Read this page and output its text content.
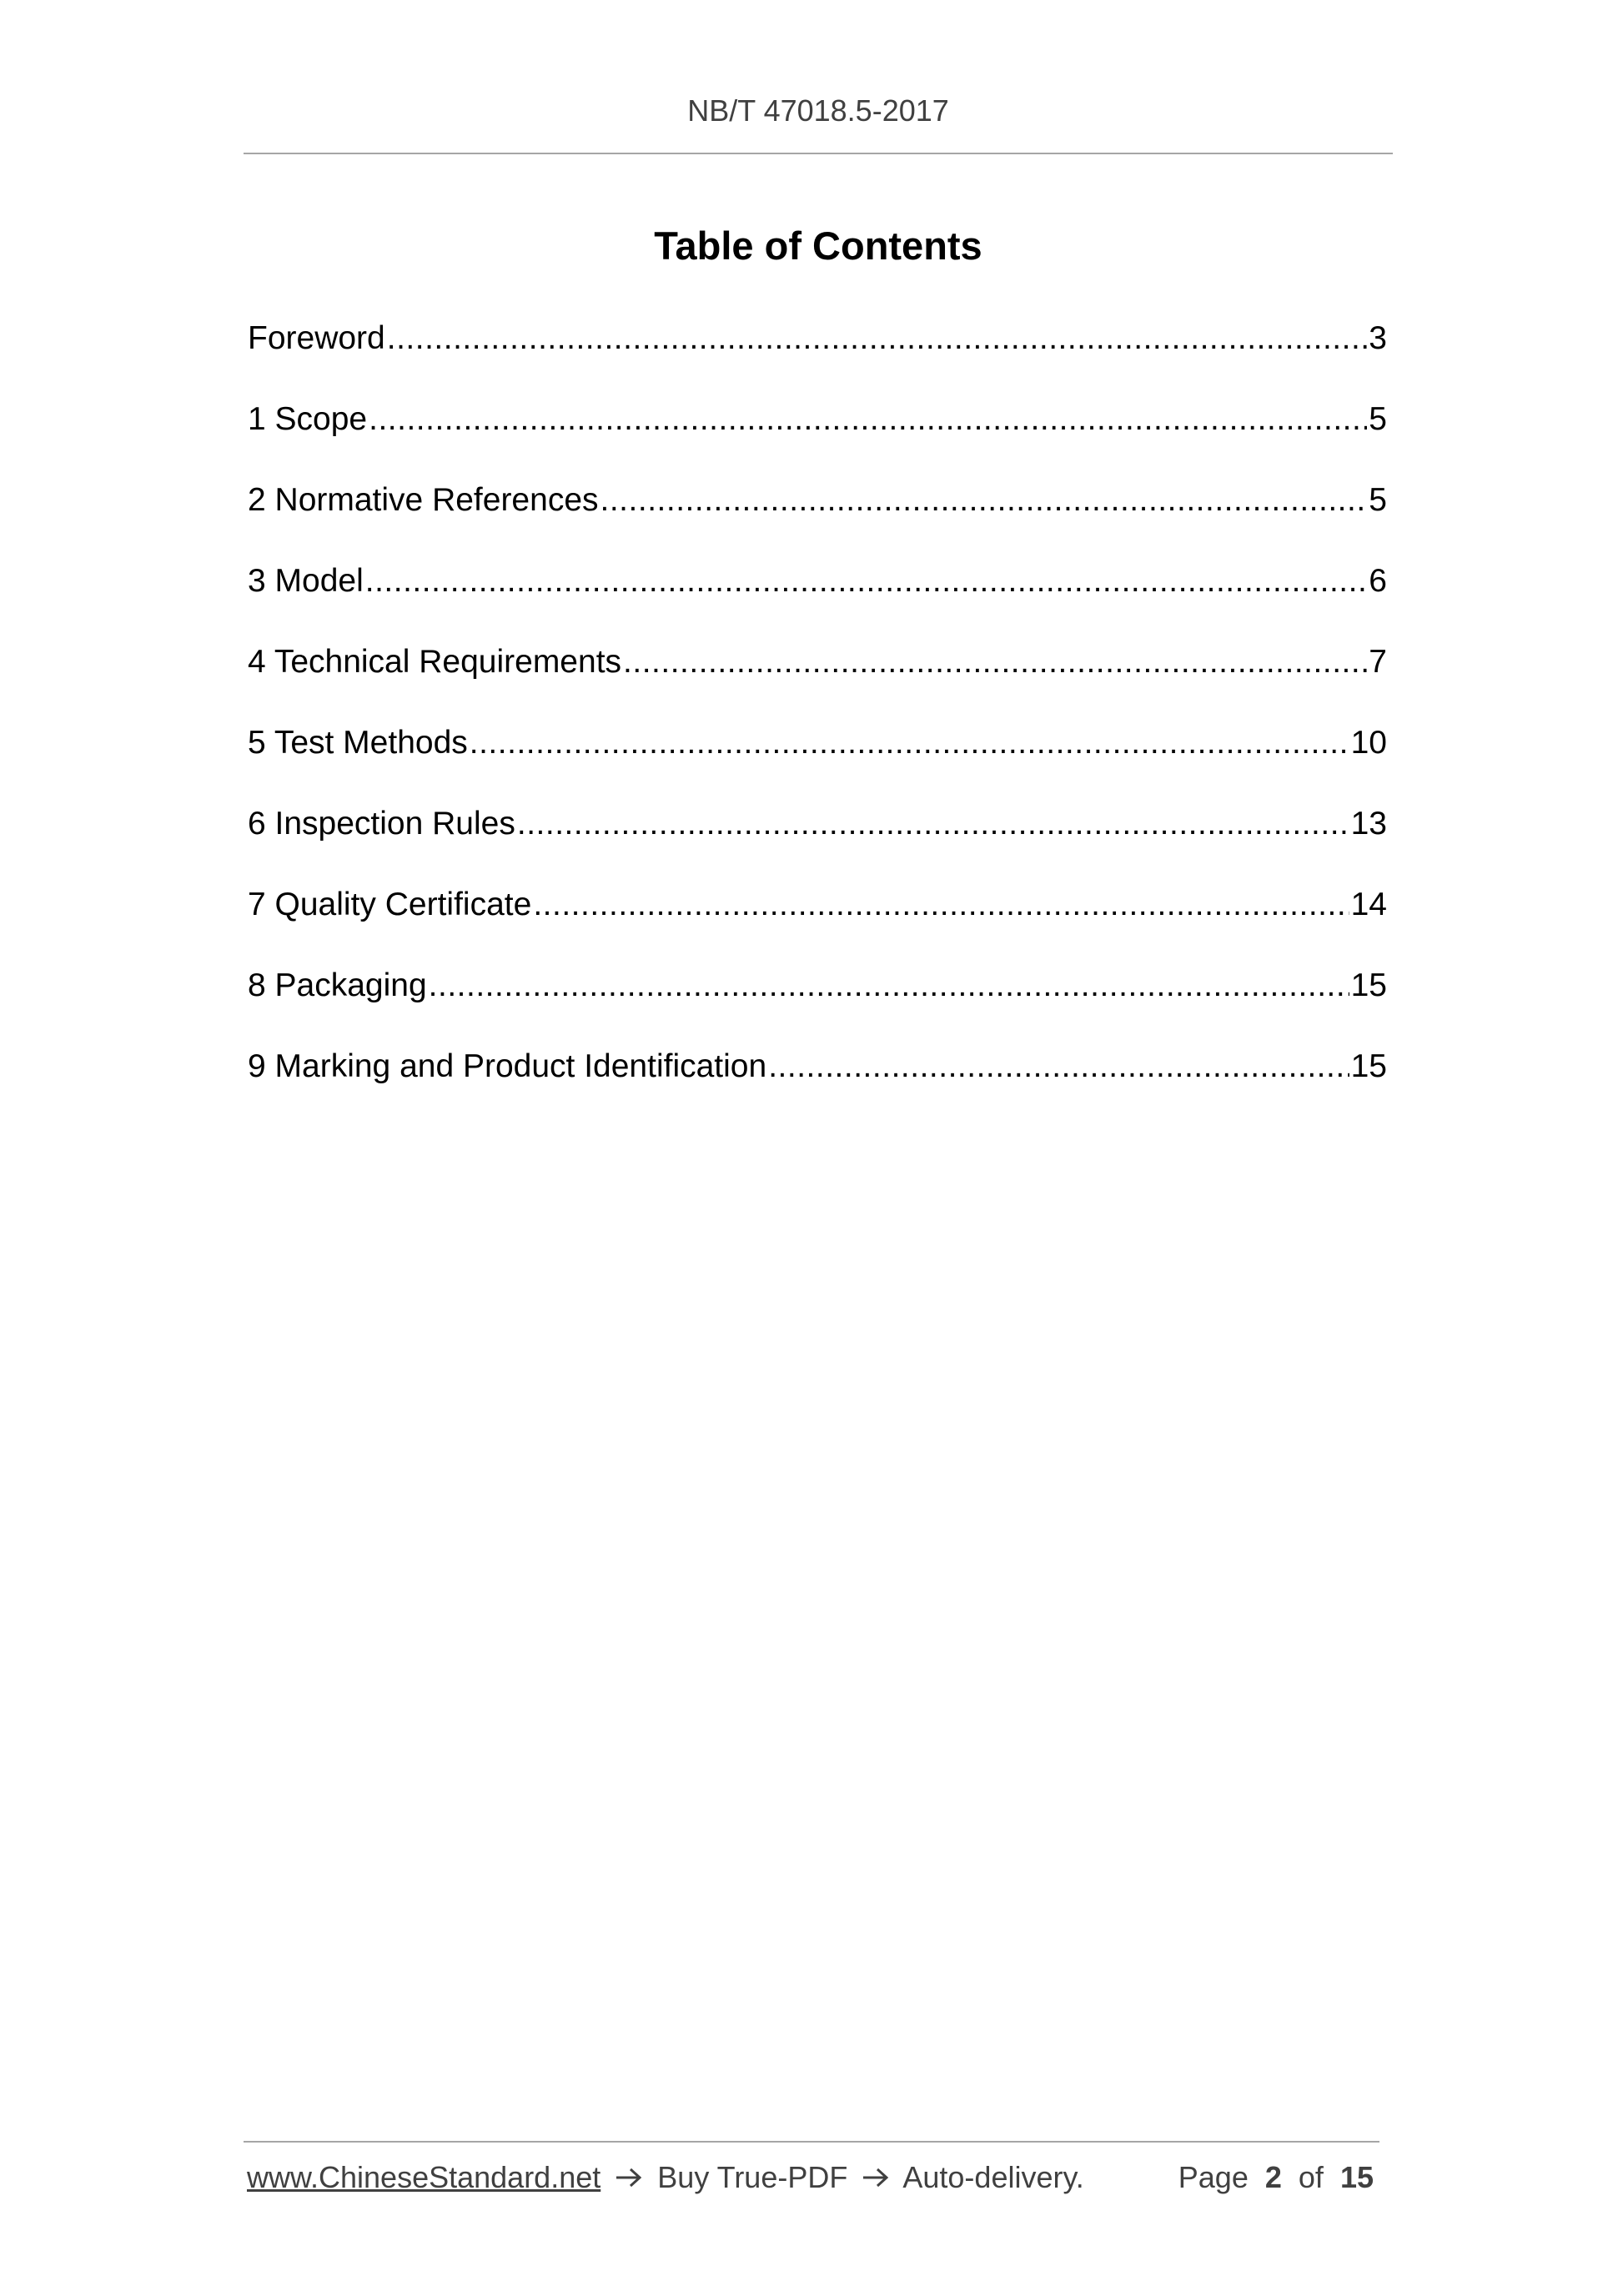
NB/T 47018.5-2017
Table of Contents
Foreword .....	3
1 Scope .....	5
2 Normative References .....	5
3 Model .....	6
4 Technical Requirements .....	7
5 Test Methods .....	10
6 Inspection Rules .....	13
7 Quality Certificate .....	14
8 Packaging .....	15
9 Marking and Product Identification .....	15
www.ChineseStandard.net Buy True-PDF Auto-delivery.	Page 2 of 15
